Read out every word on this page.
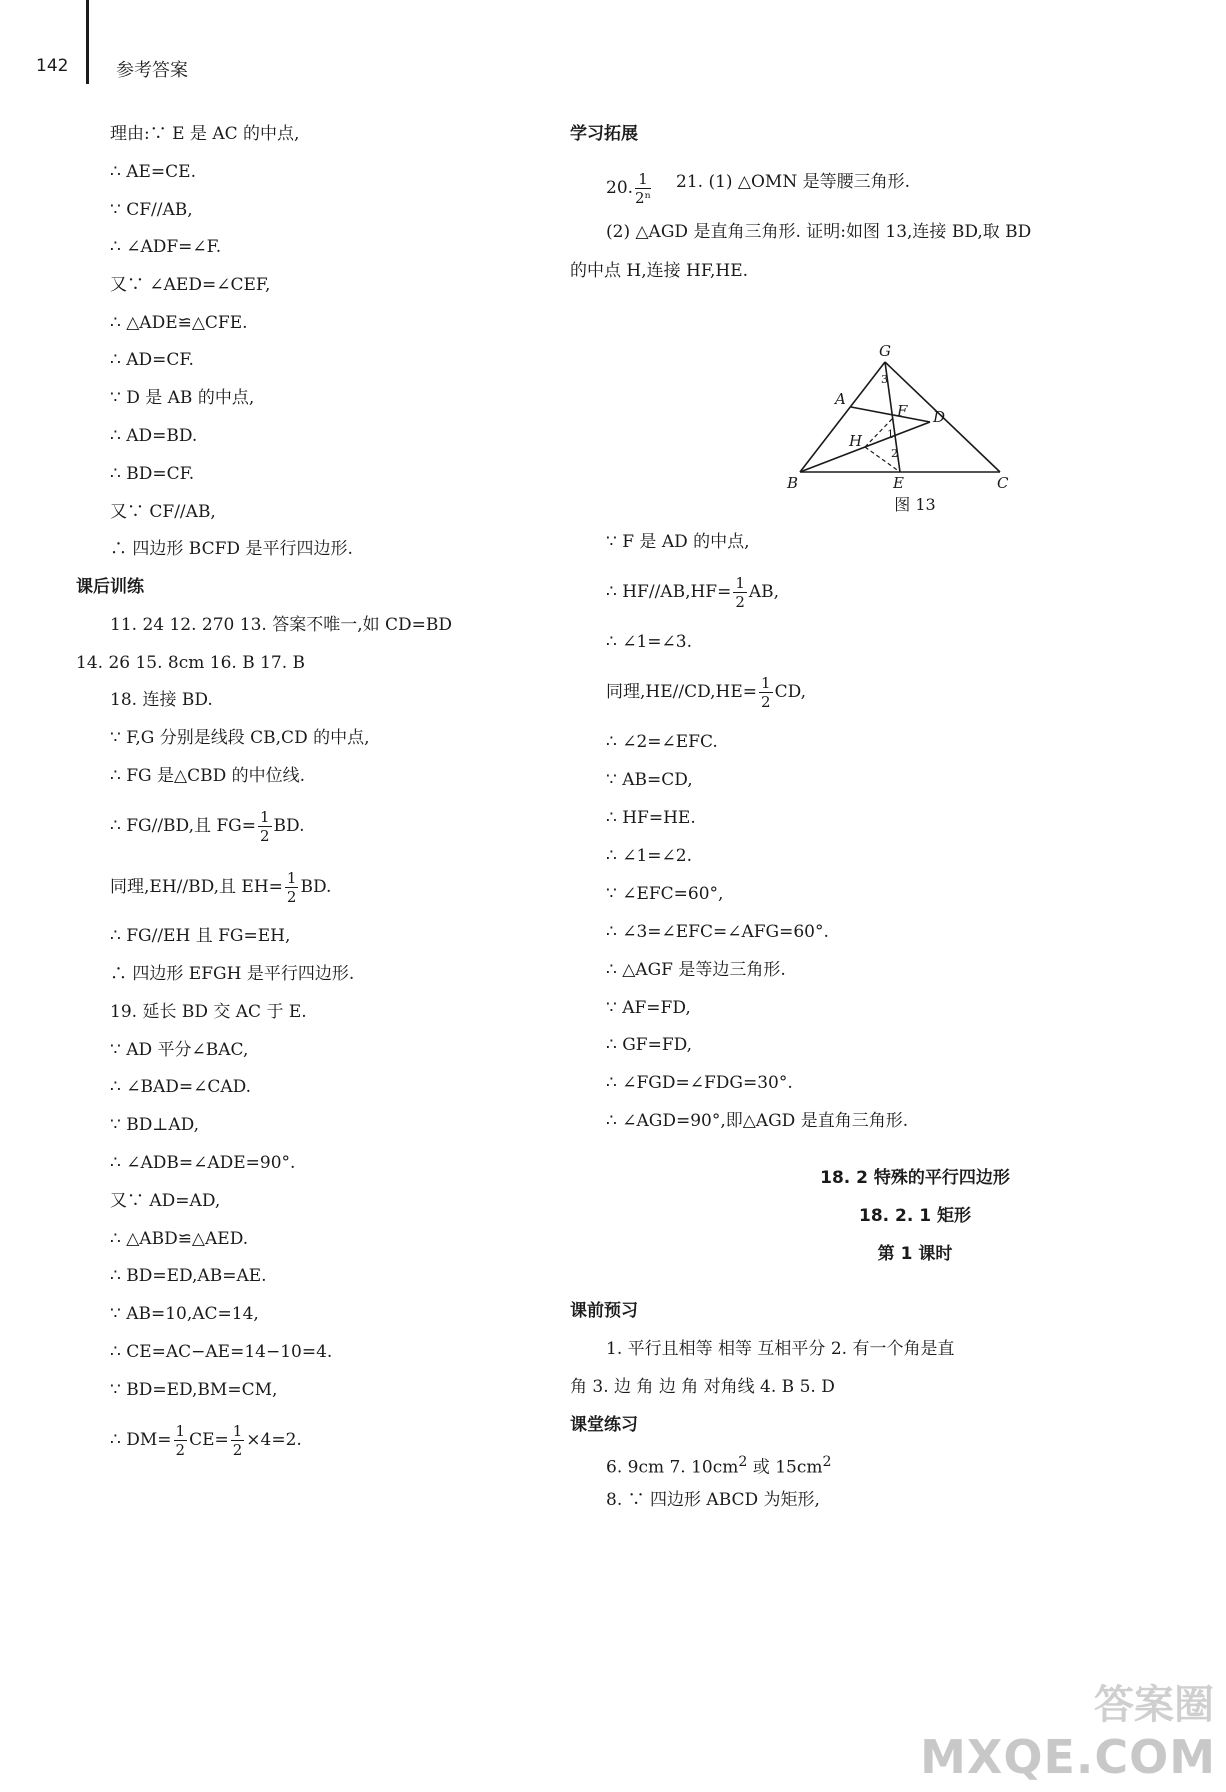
142	参考答案
理由:∵ E 是 AC 的中点,
∴ AE=CE.
∵ CF//AB,
∴ ∠ADF=∠F.
又∵ ∠AED=∠CEF,
∴ △ADE≌△CFE.
∴ AD=CF.
∵ D 是 AB 的中点,
∴ AD=BD.
∴ BD=CF.
又∵ CF//AB,
∴ 四边形 BCFD 是平行四边形.
课后训练
11. 24 12. 270 13. 答案不唯一,如 CD=BD
14. 26 15. 8cm 16. B 17. B
18. 连接 BD.
∵ F,G 分别是线段 CB,CD 的中点,
∴ FG 是△CBD 的中位线.
∴ FG//BD,且 $FG= \frac{1}{2}$ BD.
同理,EH//BD,且 $EH= \frac{1}{2}$ BD.
∴ FG//EH 且 FG=EH,
∴ 四边形 EFGH 是平行四边形.
19. 延长 BD 交 AC 于 E.
∵ AD 平分∠BAC,
∴ ∠BAD=∠CAD.
∵ BD⊥AD,
∴ ∠ADB=∠ADE=90°.
又∵ AD=AD,
∴ △ABD≌△AED.
∴ BD=ED,AB=AE.
∵ AB=10,AC=14,
∴ CE=AC−AE=14−10=4.
∵ BD=ED,BM=CM,
∴ $DM= \frac{1}{2} CE= \frac{1}{2} \times 4=2$.
学习拓展
20. $\frac{1}{\text{2ⁿ}} 21$. (1) △OMN 是等腰三角形.
(2) △AGD 是直角三角形. 证明:如图 13,连接 BD,取 BD
的中点 H,连接 HF,HE.
G
A
F D
H
B	E	C
3
1
2
图 13
∵ F 是 AD 的中点,
∴ $HF//AB,HF= \frac{1}{2}$ AB,
∴ ∠1=∠3.
同理$,HE//CD,HE= \frac{1}{2}$ CD,
∴ ∠2=∠EFC.
∵ AB=CD,
∴ HF=HE.
∴ ∠1=∠2.
∵ ∠EFC=60°,
∴ ∠3=∠EFC=∠AFG=60°.
∴ △AGF 是等边三角形.
∵ AF=FD,
∴ GF=FD,
∴ ∠FGD=∠FDG=30°.
∴ ∠AGD=90°,即△AGD 是直角三角形.
18. 2 特殊的平行四边形
18. 2. 1 矩形
第 1 课时
课前预习
1. 平行且相等 相等 互相平分 2. 有一个角是直
角 3. 边 角 边 角 对角线 4. B 5. D
课堂练习
6. 9cm 7. $10cm^2$ 或 $15cm^2$
8. ∵ 四边形 ABCD 为矩形,
答案圈
MXQE.COM
